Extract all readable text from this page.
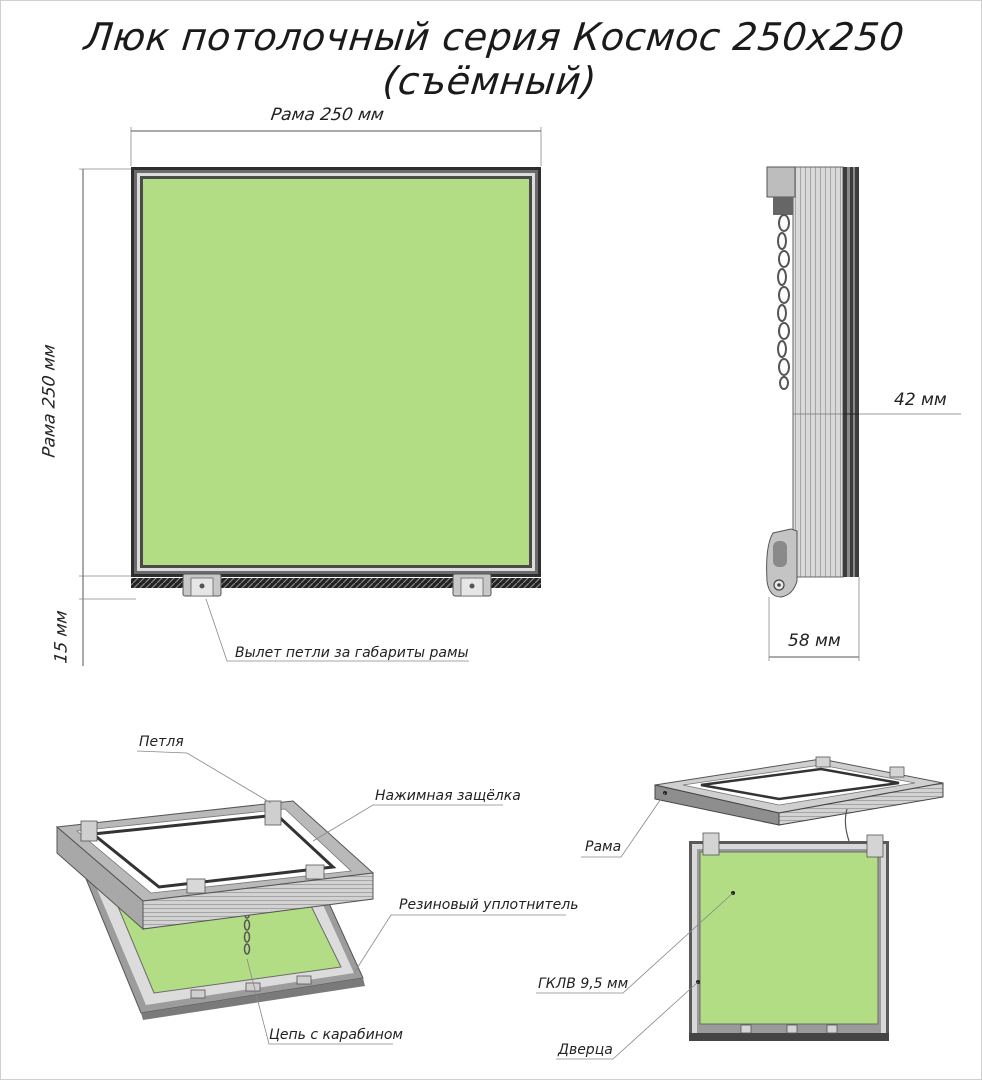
Люк потолочный серия Космос 250x250 (съёмный)
Рама 250 мм
Рама 250 мм
15 мм	Вылет петли за габариты рамы
42 мм
58 мм
Петля
Нажимная защёлка
Резиновый уплотнитель
Цепь с карабином
Рама
ГКЛВ 9,5 мм
Дверца
